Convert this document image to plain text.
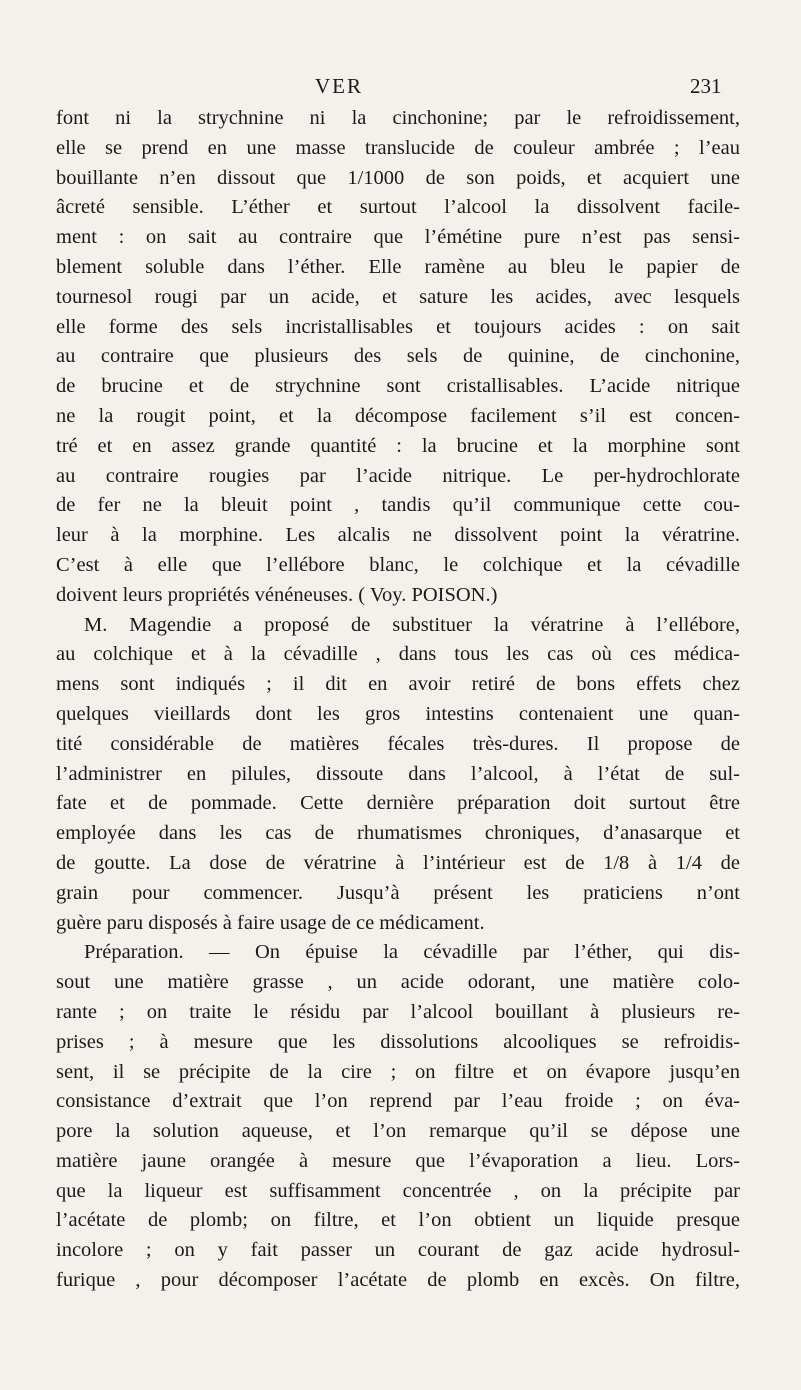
VER	231
font ni la strychnine ni la cinchonine; par le refroidissement,
elle se prend en une masse translucide de couleur ambrée ; l’eau
bouillante n’en dissout que 1/1000 de son poids, et acquiert une
âcreté sensible. L’éther et surtout l’alcool la dissolvent facile-
ment : on sait au contraire que l’émétine pure n’est pas sensi-
blement soluble dans l’éther. Elle ramène au bleu le papier de
tournesol rougi par un acide, et sature les acides, avec lesquels
elle forme des sels incristallisables et toujours acides : on sait
au contraire que plusieurs des sels de quinine, de cinchonine,
de brucine et de strychnine sont cristallisables. L’acide nitrique
ne la rougit point, et la décompose facilement s’il est concen-
tré et en assez grande quantité : la brucine et la morphine sont
au contraire rougies par l’acide nitrique. Le per-hydrochlorate
de fer ne la bleuit point , tandis qu’il communique cette cou-
leur à la morphine. Les alcalis ne dissolvent point la vératrine.
C’est à elle que l’ellébore blanc, le colchique et la cévadille
doivent leurs propriétés vénéneuses. ( Voy. POISON.)
M. Magendie a proposé de substituer la vératrine à l’ellébore,
au colchique et à la cévadille , dans tous les cas où ces médica-
mens sont indiqués ; il dit en avoir retiré de bons effets chez
quelques vieillards dont les gros intestins contenaient une quan-
tité considérable de matières fécales très-dures. Il propose de
l’administrer en pilules, dissoute dans l’alcool, à l’état de sul-
fate et de pommade. Cette dernière préparation doit surtout être
employée dans les cas de rhumatismes chroniques, d’anasarque et
de goutte. La dose de vératrine à l’intérieur est de 1/8 à 1/4 de
grain pour commencer. Jusqu’à présent les praticiens n’ont
guère paru disposés à faire usage de ce médicament.
Préparation. — On épuise la cévadille par l’éther, qui dis-
sout une matière grasse , un acide odorant, une matière colo-
rante ; on traite le résidu par l’alcool bouillant à plusieurs re-
prises ; à mesure que les dissolutions alcooliques se refroidis-
sent, il se précipite de la cire ; on filtre et on évapore jusqu’en
consistance d’extrait que l’on reprend par l’eau froide ; on éva-
pore la solution aqueuse, et l’on remarque qu’il se dépose une
matière jaune orangée à mesure que l’évaporation a lieu. Lors-
que la liqueur est suffisamment concentrée , on la précipite par
l’acétate de plomb; on filtre, et l’on obtient un liquide presque
incolore ; on y fait passer un courant de gaz acide hydrosul-
furique , pour décomposer l’acétate de plomb en excès. On filtre,
